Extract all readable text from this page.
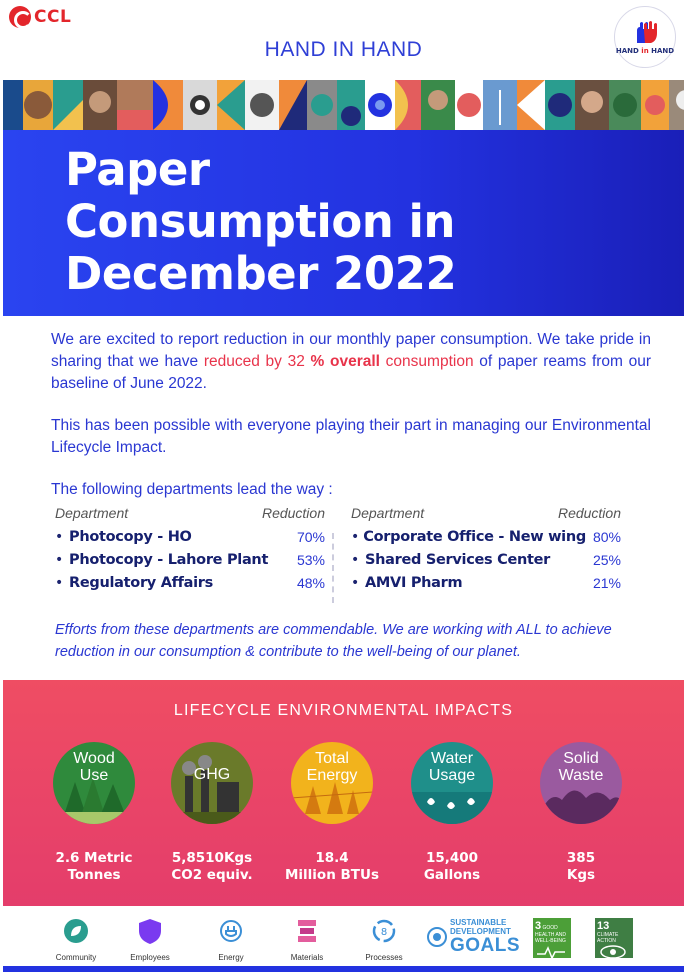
CCL
HAND IN HAND	HAND in HAND
Paper
Consumption in
December 2022

We are excited to report reduction in our monthly paper consumption. We take pride in sharing that we have reduced by 32 % overall consumption of paper reams from our baseline of June 2022.

This has been possible with everyone playing their part in managing our Environmental Lifecycle Impact.

The following departments lead the way :

Department	Reduction
• Photocopy - HO	70%
• Photocopy - Lahore Plant	53%
• Regulatory Affairs	48%
Department	Reduction
• Corporate Office - New wing 80%
• Shared Services Center	25%
• AMVI Pharm	21%
Efforts from these departments are commendable. We are working with ALL to achieve reduction in our consumption & contribute to the well-being of our planet.
LIFECYCLE ENVIRONMENTAL IMPACTS
Wood
Use
2.6 Metric
Tonnes
GHG
5,8510Kgs
CO2 equiv.
Total
Energy
18.4
Million BTUs
Water
Usage
15,400
Gallons
Solid
Waste
385
Kgs
Community	Employees	Energy	Materials
8
Processes
SUSTAINABLE
DEVELOPMENT
GOALS
3 GOOD HEALTH AND WELL-BEING
13 CLIMATE ACTION
